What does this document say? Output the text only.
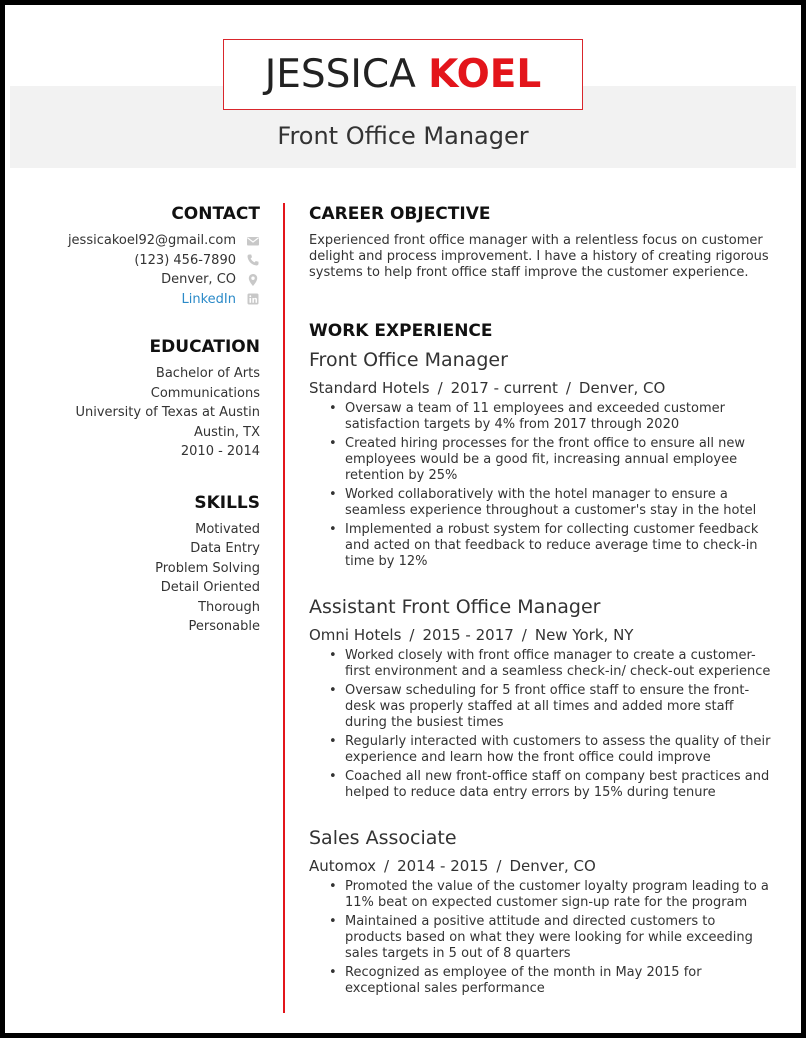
JESSICA KOEL
Front Office Manager
CONTACT
jessicakoel92@gmail.com
(123) 456-7890
Denver, CO
LinkedIn
EDUCATION
Bachelor of Arts
Communications
University of Texas at Austin
Austin, TX
2010 - 2014
SKILLS
Motivated
Data Entry
Problem Solving
Detail Oriented
Thorough
Personable
CAREER OBJECTIVE
Experienced front office manager with a relentless focus on customer delight and process improvement. I have a history of creating rigorous systems to help front office staff improve the customer experience.
WORK EXPERIENCE
Front Office Manager
Standard Hotels / 2017 - current / Denver, CO
• Oversaw a team of 11 employees and exceeded customer satisfaction targets by 4% from 2017 through 2020
• Created hiring processes for the front office to ensure all new employees would be a good fit, increasing annual employee retention by 25%
• Worked collaboratively with the hotel manager to ensure a seamless experience throughout a customer's stay in the hotel
• Implemented a robust system for collecting customer feedback and acted on that feedback to reduce average time to check-in time by 12%
Assistant Front Office Manager
Omni Hotels / 2015 - 2017 / New York, NY
• Worked closely with front office manager to create a customer-first environment and a seamless check-in/ check-out experience
• Oversaw scheduling for 5 front office staff to ensure the front-desk was properly staffed at all times and added more staff during the busiest times
• Regularly interacted with customers to assess the quality of their experience and learn how the front office could improve
• Coached all new front-office staff on company best practices and helped to reduce data entry errors by 15% during tenure
Sales Associate
Automox / 2014 - 2015 / Denver, CO
• Promoted the value of the customer loyalty program leading to a 11% beat on expected customer sign-up rate for the program
• Maintained a positive attitude and directed customers to products based on what they were looking for while exceeding sales targets in 5 out of 8 quarters
• Recognized as employee of the month in May 2015 for exceptional sales performance
